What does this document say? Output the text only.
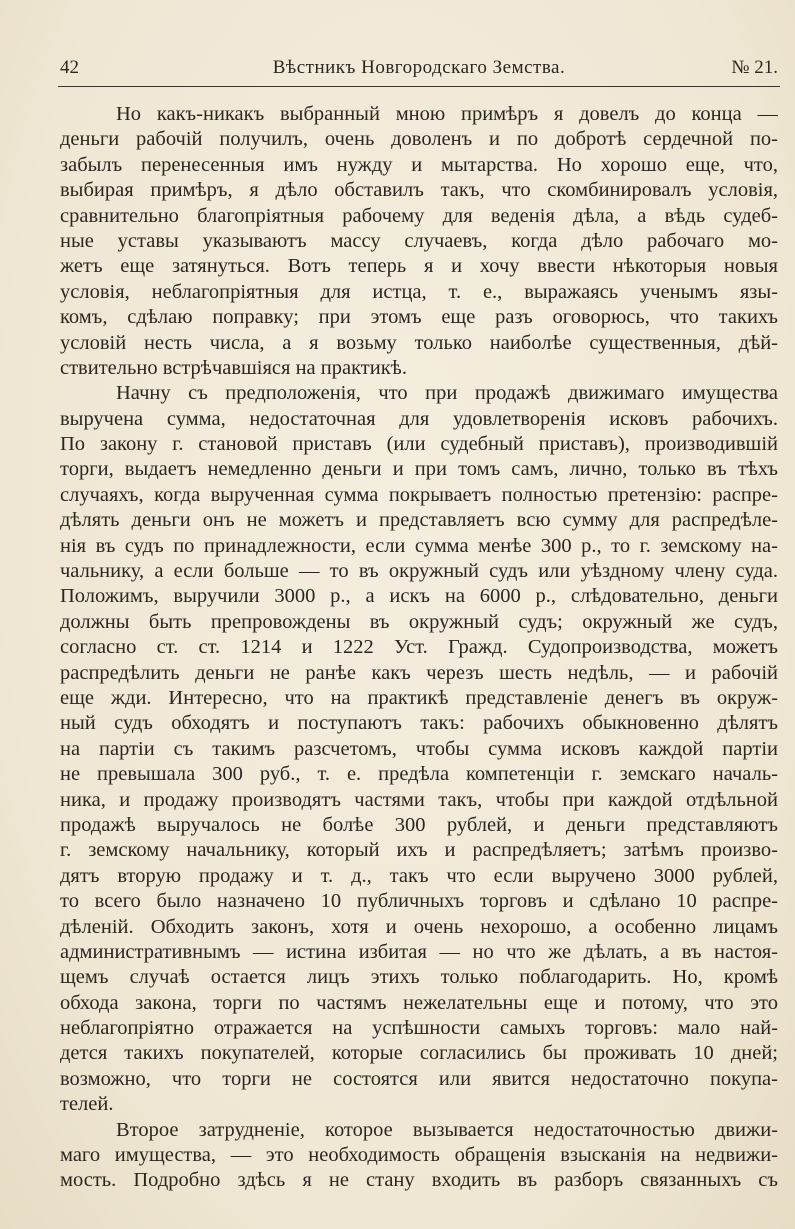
42	Вѣстникъ Новгородскаго Земства.	№ 21.
Но какъ-никакъ выбранный мною примѣръ я довелъ до конца —
деньги рабочій получилъ, очень доволенъ и по добротѣ сердечной по-
забылъ перенесенныя имъ нужду и мытарства. Но хорошо еще, что,
выбирая примѣръ, я дѣло обставилъ такъ, что скомбинировалъ условія,
сравнительно благопріятныя рабочему для веденія дѣла, а вѣдь судеб-
ные уставы указываютъ массу случаевъ, когда дѣло рабочаго мо-
жетъ еще затянуться. Вотъ теперь я и хочу ввести нѣкоторыя новыя
условія, неблагопріятныя для истца, т. е., выражаясь ученымъ язы-
комъ, сдѣлаю поправку; при этомъ еще разъ оговорюсь, что такихъ
условій несть числа, а я возьму только наиболѣе существенныя, дѣй-
ствительно встрѣчавшіяся на практикѣ.
Начну съ предположенія, что при продажѣ движимаго имущества
выручена сумма, недостаточная для удовлетворенія исковъ рабочихъ.
По закону г. становой приставъ (или судебный приставъ), производившій
торги, выдаетъ немедленно деньги и при томъ самъ, лично, только въ тѣхъ
случаяхъ, когда вырученная сумма покрываетъ полностью претензію: распре-
дѣлять деньги онъ не можетъ и представляетъ всю сумму для распредѣле-
нія въ судъ по принадлежности, если сумма менѣе 300 р., то г. земскому на-
чальнику, а если больше — то въ окружный судъ или уѣздному члену суда.
Положимъ, выручили 3000 р., а искъ на 6000 р., слѣдовательно, деньги
должны быть препровождены въ окружный судъ; окружный же судъ,
согласно ст. ст. 1214 и 1222 Уст. Гражд. Судопроизводства, можетъ
распредѣлить деньги не ранѣе какъ черезъ шесть недѣль, — и рабочій
еще жди. Интересно, что на практикѣ представленіе денегъ въ окруж-
ный судъ обходятъ и поступаютъ такъ: рабочихъ обыкновенно дѣлятъ
на партіи съ такимъ разсчетомъ, чтобы сумма исковъ каждой партіи
не превышала 300 руб., т. е. предѣла компетенціи г. земскаго началь-
ника, и продажу производятъ частями такъ, чтобы при каждой отдѣльной
продажѣ выручалось не болѣе 300 рублей, и деньги представляютъ
г. земскому начальнику, который ихъ и распредѣляетъ; затѣмъ произво-
дятъ вторую продажу и т. д., такъ что если выручено 3000 рублей,
то всего было назначено 10 публичныхъ торговъ и сдѣлано 10 распре-
дѣленій. Обходить законъ, хотя и очень нехорошо, а особенно лицамъ
административнымъ — истина избитая — но что же дѣлать, а въ настоя-
щемъ случаѣ остается лицъ этихъ только поблагодарить. Но, кромѣ
обхода закона, торги по частямъ нежелательны еще и потому, что это
неблагопріятно отражается на успѣшности самыхъ торговъ: мало най-
дется такихъ покупателей, которые согласились бы проживать 10 дней;
возможно, что торги не состоятся или явится недостаточно покупа-
телей.
Второе затрудненіе, которое вызывается недостаточностью движи-
маго имущества, — это необходимость обращенія взысканія на недвижи-
мость. Подробно здѣсь я не стану входить въ разборъ связанныхъ съ
